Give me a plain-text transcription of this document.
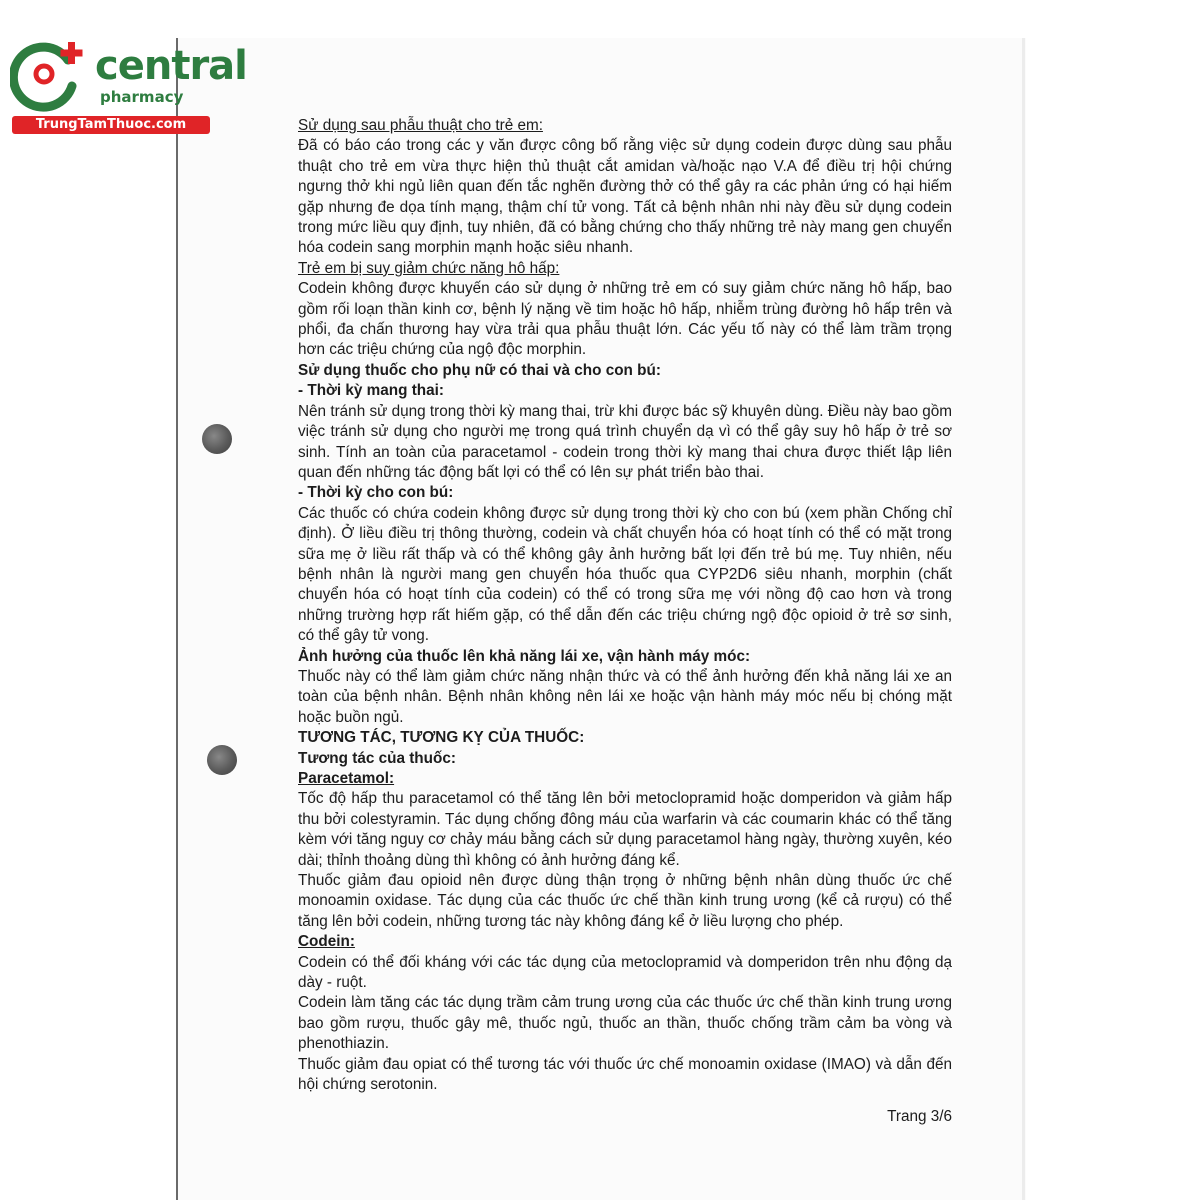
central
pharmacy
TrungTamThuoc.com	Sử dụng sau phẫu thuật cho trẻ em:

Đã có báo cáo trong các y văn được công bố rằng việc sử dụng codein được dùng sau phẫu thuật cho trẻ em vừa thực hiện thủ thuật cắt amidan và/hoặc nạo V.A để điều trị hội chứng ngưng thở khi ngủ liên quan đến tắc nghẽn đường thở có thể gây ra các phản ứng có hại hiếm gặp nhưng đe dọa tính mạng, thậm chí tử vong. Tất cả bệnh nhân nhi này đều sử dụng codein trong mức liều quy định, tuy nhiên, đã có bằng chứng cho thấy những trẻ này mang gen chuyển hóa codein sang morphin mạnh hoặc siêu nhanh.

Trẻ em bị suy giảm chức năng hô hấp:

Codein không được khuyến cáo sử dụng ở những trẻ em có suy giảm chức năng hô hấp, bao gồm rối loạn thần kinh cơ, bệnh lý nặng về tim hoặc hô hấp, nhiễm trùng đường hô hấp trên và phổi, đa chấn thương hay vừa trải qua phẫu thuật lớn. Các yếu tố này có thể làm trầm trọng hơn các triệu chứng của ngộ độc morphin.

Sử dụng thuốc cho phụ nữ có thai và cho con bú:

- Thời kỳ mang thai:

Nên tránh sử dụng trong thời kỳ mang thai, trừ khi được bác sỹ khuyên dùng. Điều này bao gồm việc tránh sử dụng cho người mẹ trong quá trình chuyển dạ vì có thể gây suy hô hấp ở trẻ sơ sinh. Tính an toàn của paracetamol - codein trong thời kỳ mang thai chưa được thiết lập liên quan đến những tác động bất lợi có thể có lên sự phát triển bào thai.

- Thời kỳ cho con bú:

Các thuốc có chứa codein không được sử dụng trong thời kỳ cho con bú (xem phần Chống chỉ định). Ở liều điều trị thông thường, codein và chất chuyển hóa có hoạt tính có thể có mặt trong sữa mẹ ở liều rất thấp và có thể không gây ảnh hưởng bất lợi đến trẻ bú mẹ. Tuy nhiên, nếu bệnh nhân là người mang gen chuyển hóa thuốc qua CYP2D6 siêu nhanh, morphin (chất chuyển hóa có hoạt tính của codein) có thể có trong sữa mẹ với nồng độ cao hơn và trong những trường hợp rất hiếm gặp, có thể dẫn đến các triệu chứng ngộ độc opioid ở trẻ sơ sinh, có thể gây tử vong.

Ảnh hưởng của thuốc lên khả năng lái xe, vận hành máy móc:

Thuốc này có thể làm giảm chức năng nhận thức và có thể ảnh hưởng đến khả năng lái xe an toàn của bệnh nhân. Bệnh nhân không nên lái xe hoặc vận hành máy móc nếu bị chóng mặt hoặc buồn ngủ.

TƯƠNG TÁC, TƯƠNG KỴ CỦA THUỐC:

Tương tác của thuốc:

Paracetamol:

Tốc độ hấp thu paracetamol có thể tăng lên bởi metoclopramid hoặc domperidon và giảm hấp thu bởi colestyramin. Tác dụng chống đông máu của warfarin và các coumarin khác có thể tăng kèm với tăng nguy cơ chảy máu bằng cách sử dụng paracetamol hàng ngày, thường xuyên, kéo dài; thỉnh thoảng dùng thì không có ảnh hưởng đáng kể.

Thuốc giảm đau opioid nên được dùng thận trọng ở những bệnh nhân dùng thuốc ức chế monoamin oxidase. Tác dụng của các thuốc ức chế thần kinh trung ương (kể cả rượu) có thể tăng lên bởi codein, những tương tác này không đáng kể ở liều lượng cho phép.

Codein:

Codein có thể đối kháng với các tác dụng của metoclopramid và domperidon trên nhu động dạ dày - ruột.

Codein làm tăng các tác dụng trầm cảm trung ương của các thuốc ức chế thần kinh trung ương bao gồm rượu, thuốc gây mê, thuốc ngủ, thuốc an thần, thuốc chống trầm cảm ba vòng và phenothiazin.

Thuốc giảm đau opiat có thể tương tác với thuốc ức chế monoamin oxidase (IMAO) và dẫn đến hội chứng serotonin.

Trang 3/6
